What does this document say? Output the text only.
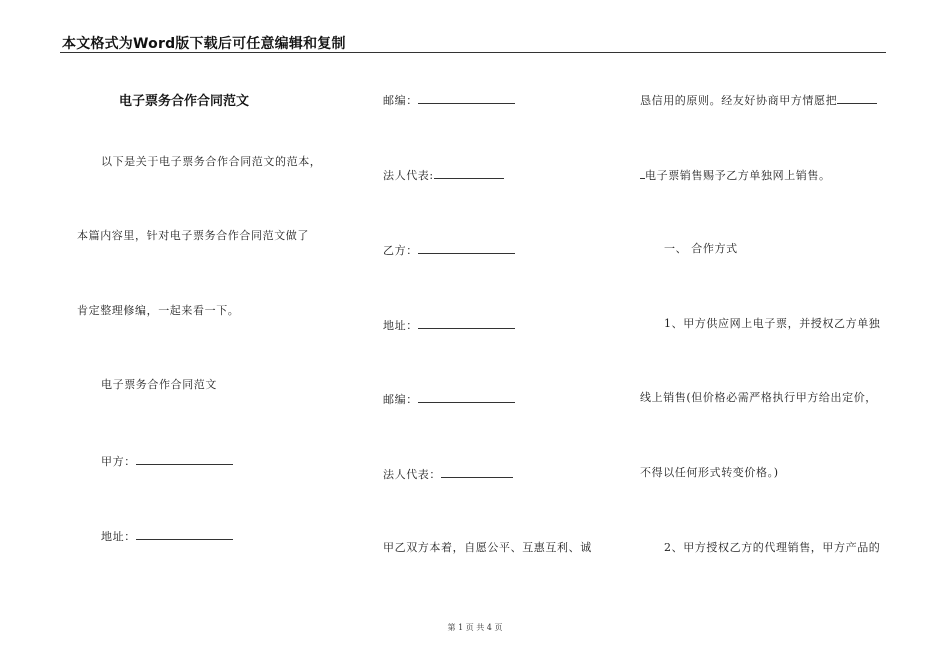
本文格式为Word版下载后可任意编辑和复制
电子票务合作合同范文
以下是关于电子票务合作合同范文的范本，
本篇内容里，针对电子票务合作合同范文做了
肯定整理修编，一起来看一下。
电子票务合作合同范文
甲方：
地址：
邮编：
法人代表:
乙方：
地址：
邮编：
法人代表：
甲乙双方本着，自愿公平、互惠互利、诚
恳信用的原则。经友好协商甲方情愿把
电子票销售赐予乙方单独网上销售。
一、 合作方式
1、甲方供应网上电子票，并授权乙方单独
线上销售(但价格必需严格执行甲方给出定价，
不得以任何形式转变价格。)
2、甲方授权乙方的代理销售，甲方产品的
第 1 页 共 4 页
